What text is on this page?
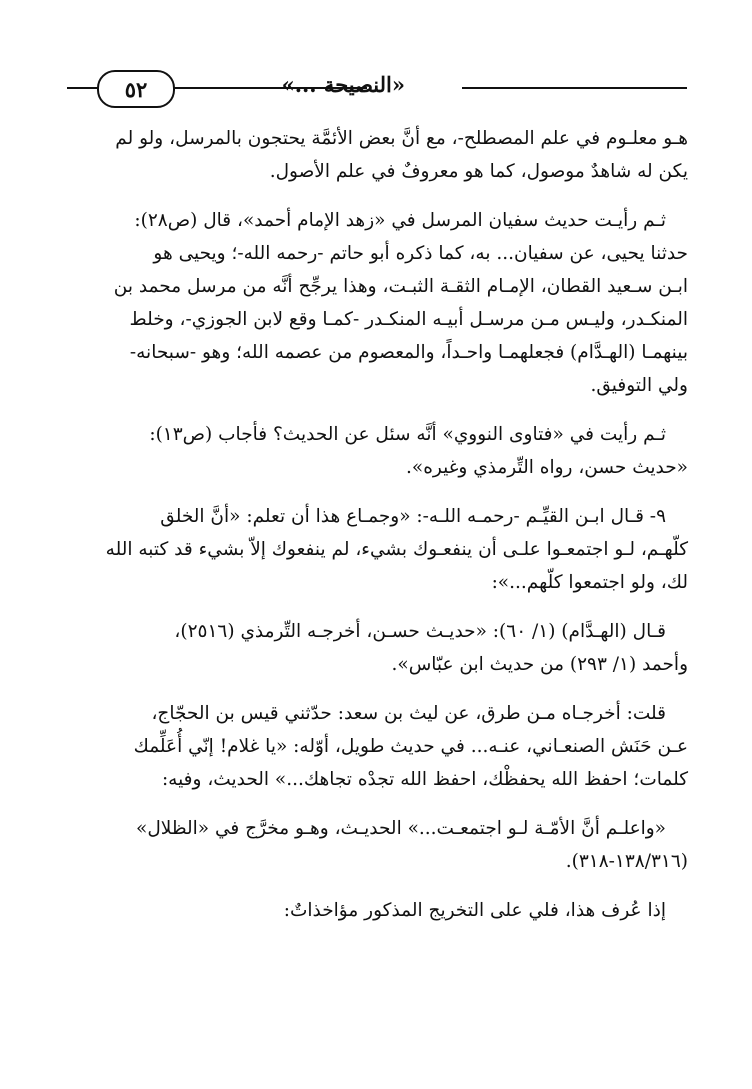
٥٢	«النصيحة ...»

هـو معلـوم في علم المصطلح-، مع أنَّ بعض الأئمَّة يحتجون بالمرسل، ولو لم
يكن له شاهدٌ موصول، كما هو معروفٌ في علم الأصول.

ثـم رأيـت حديث سفيان المرسل في «زهد الإمام أحمد»، قال (ص٢٨):
حدثنا يحيى، عن سفيان... به، كما ذكره أبو حاتم -رحمه الله-؛ ويحيى هو
ابـن سـعيد القطان، الإمـام الثقـة الثبـت، وهذا يرجِّح أنَّه من مرسل محمد بن
المنكـدر، وليـس مـن مرسـل أبيـه المنكـدر -كمـا وقع لابن الجوزي-، وخلط
بينهمـا (الهـدَّام) فجعلهمـا واحـداً، والمعصوم من عصمه الله؛ وهو -سبحانه-
ولي التوفيق.

ثـم رأيت في «فتاوى النووي» أنَّه سئل عن الحديث؟ فأجاب (ص١٣):
«حديث حسن، رواه التِّرمذي وغيره».

٩- قـال ابـن القيِّـم -رحمـه اللـه-: «وجمـاع هذا أن تعلم: «أنَّ الخلق
كلّهـم، لـو اجتمعـوا علـى أن ينفعـوك بشيء، لم ينفعوك إلاّ بشيء قد كتبه الله
لك، ولو اجتمعوا كلّهم...»:

قـال (الهـدَّام) (١/ ٦٠): «حديـث حسـن، أخرجـه التِّرمذي (٢٥١٦)،
وأحمد (١/ ٢٩٣) من حديث ابن عبّاس».

قلت: أخرجـاه مـن طرق، عن ليث بن سعد: حدّثني قيس بن الحجّاج،
عـن حَنَش الصنعـاني، عنـه... في حديث طويل، أوّله: «يا غلام! إنّي أُعَلِّمك
كلمات؛ احفظ الله يحفظْك، احفظ الله تجدْه تجاهك...» الحديث، وفيه:

«واعلـم أنَّ الأمّـة لـو اجتمعـت...» الحديـث، وهـو مخرَّج في «الظلال»
(١٣٨/٣١٦-٣١٨).

إذا عُرف هذا، فلي على التخريج المذكور مؤاخذاتٌ:
